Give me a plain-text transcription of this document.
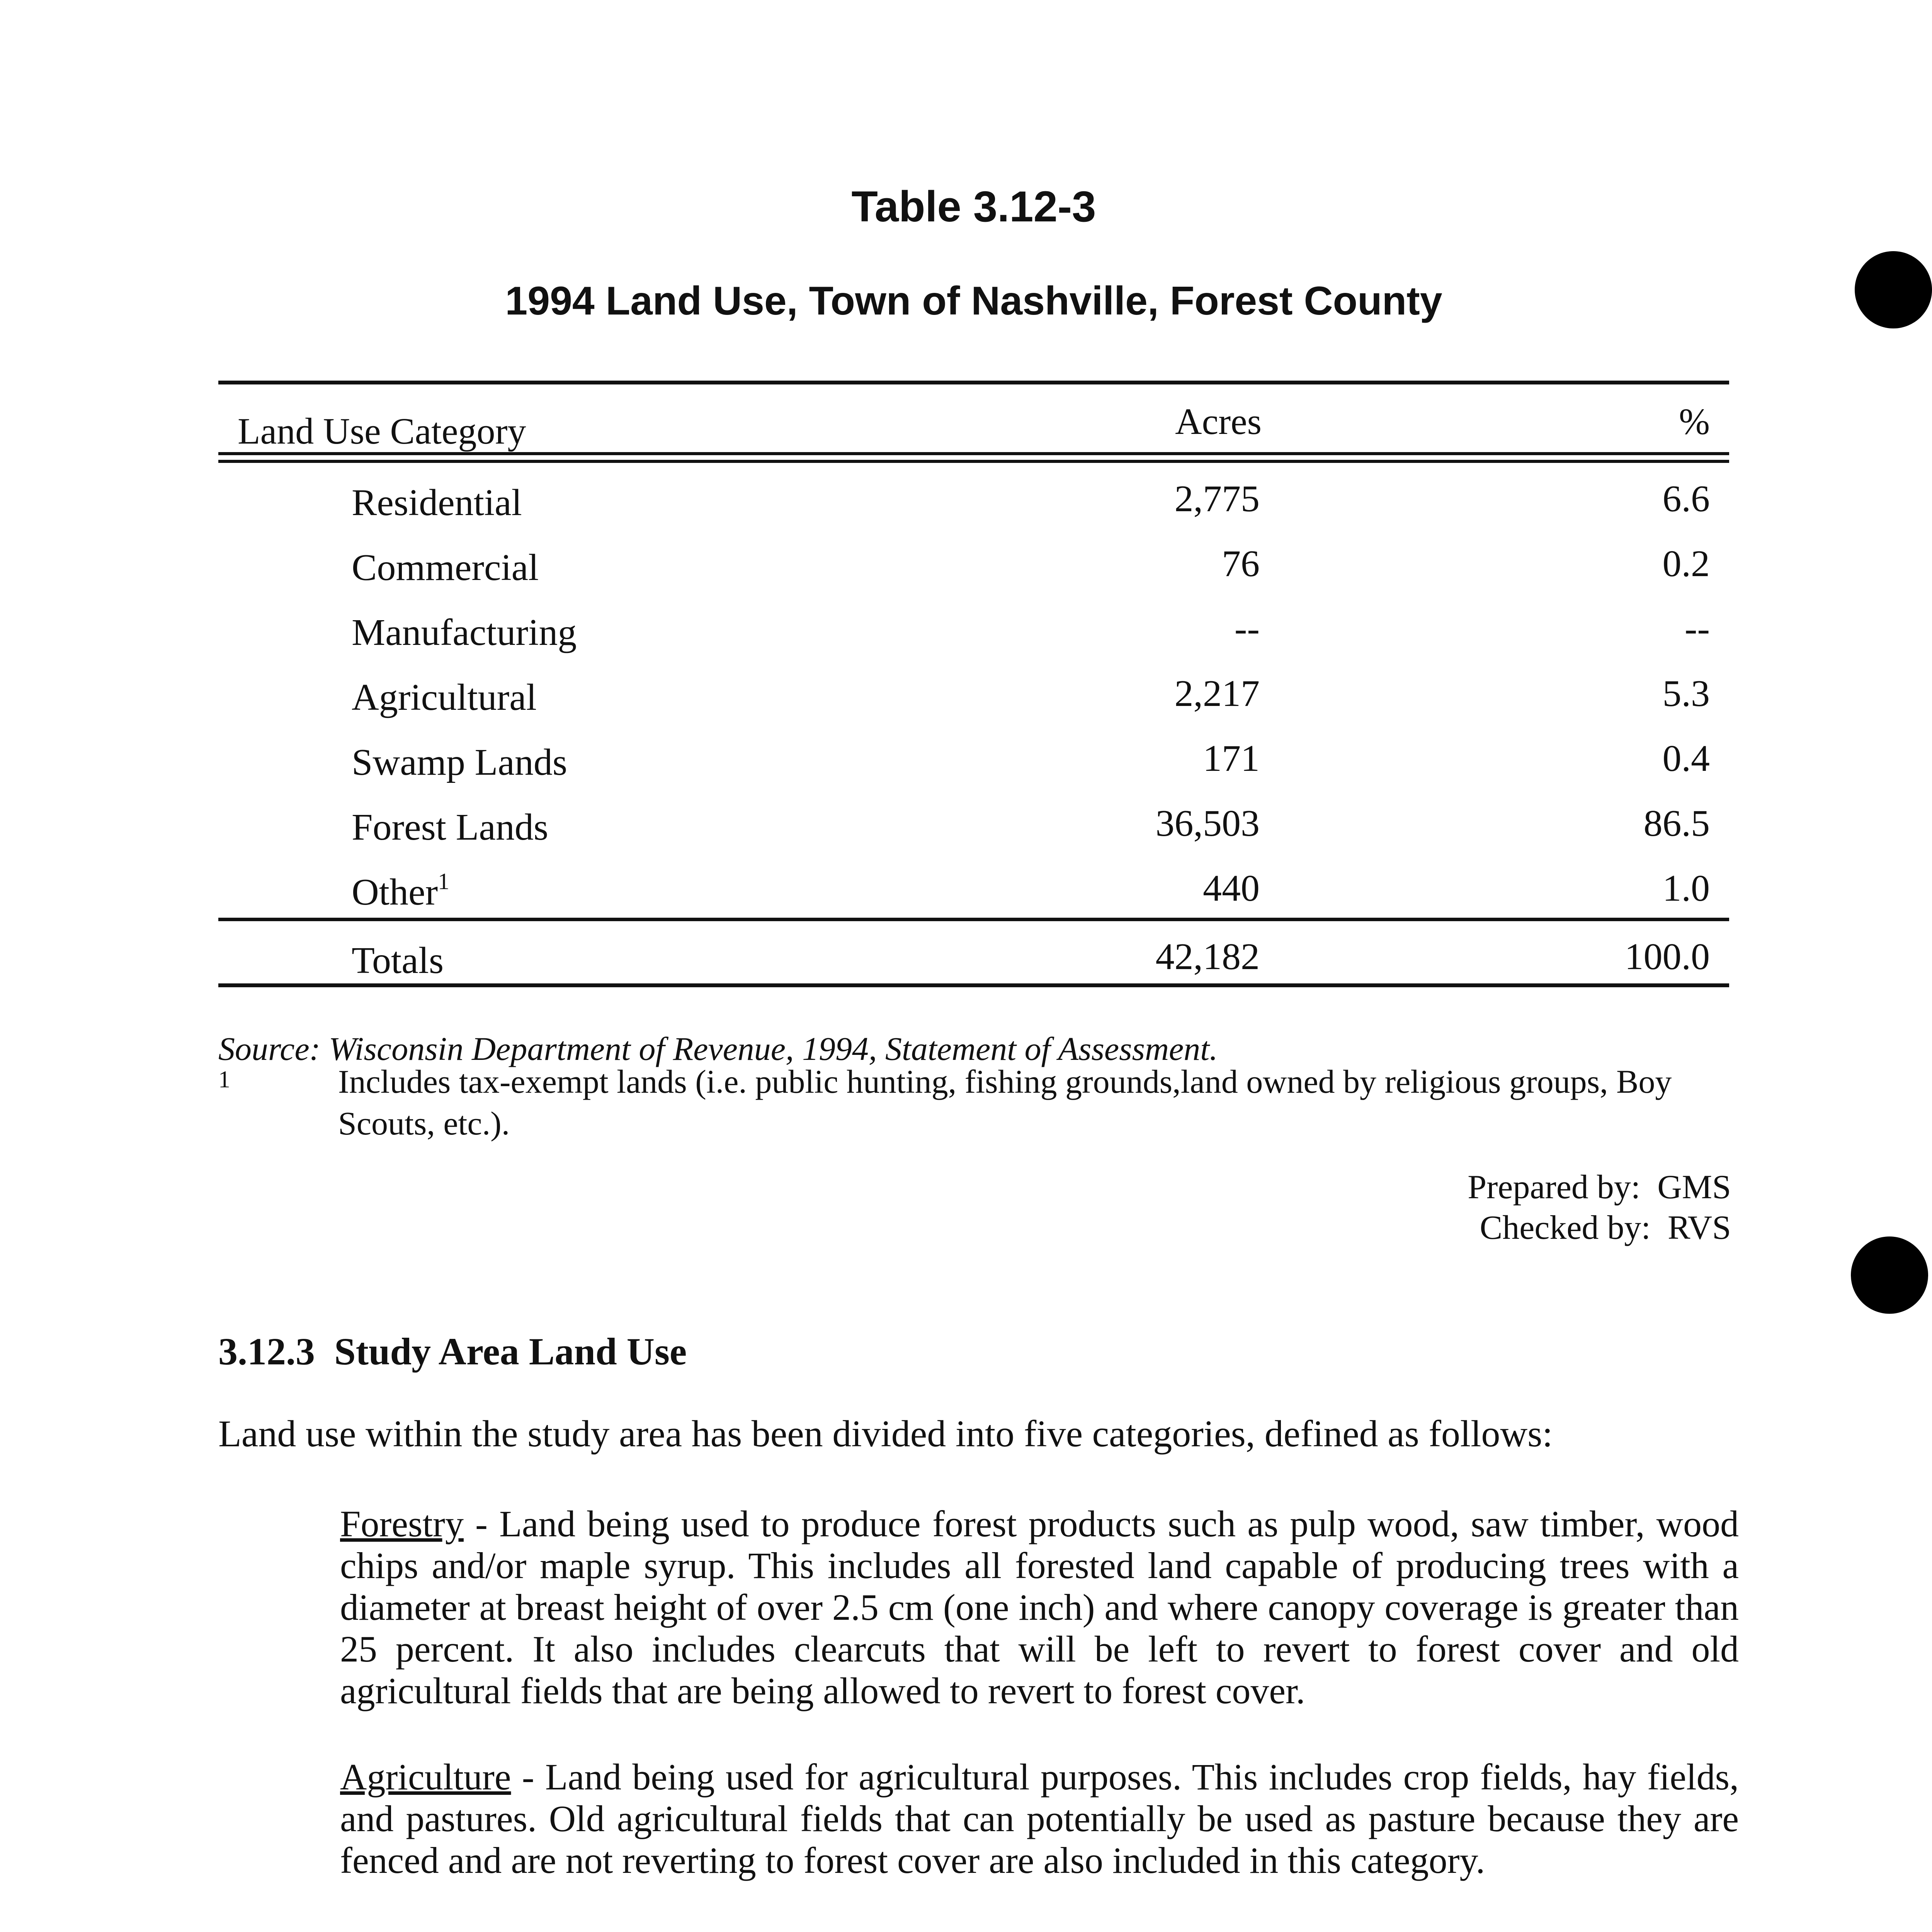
Table 3.12-3
1994 Land Use, Town of Nashville, Forest County
Land Use Category	Acres	%
Residential	2,775	6.6
Commercial	76	0.2
Manufacturing	--	--
Agricultural	2,217	5.3
Swamp Lands	171	0.4
Forest Lands	36,503	86.5
Other$^1$	440	1.0
Totals	42,182	100.0
Source: Wisconsin Department of Revenue, 1994, Statement of Assessment.
1	Includes tax-exempt lands (i.e. public hunting, fishing grounds,land owned by religious groups, Boy
Scouts, etc.).
Prepared by: GMS
Checked by: RVS
3.12.3  Study Area Land Use
Land use within the study area has been divided into five categories, defined as follows:
Forestry - Land being used to produce forest products such as pulp wood, saw timber, wood chips and/or maple syrup. This includes all forested land capable of producing trees with a diameter at breast height of over 2.5 cm (one inch) and where canopy coverage is greater than 25 percent. It also includes clearcuts that will be left to revert to forest cover and old agricultural fields that are being allowed to revert to forest cover.
Agriculture - Land being used for agricultural purposes. This includes crop fields, hay fields, and pastures. Old agricultural fields that can potentially be used as pasture because they are fenced and are not reverting to forest cover are also included in this category.
